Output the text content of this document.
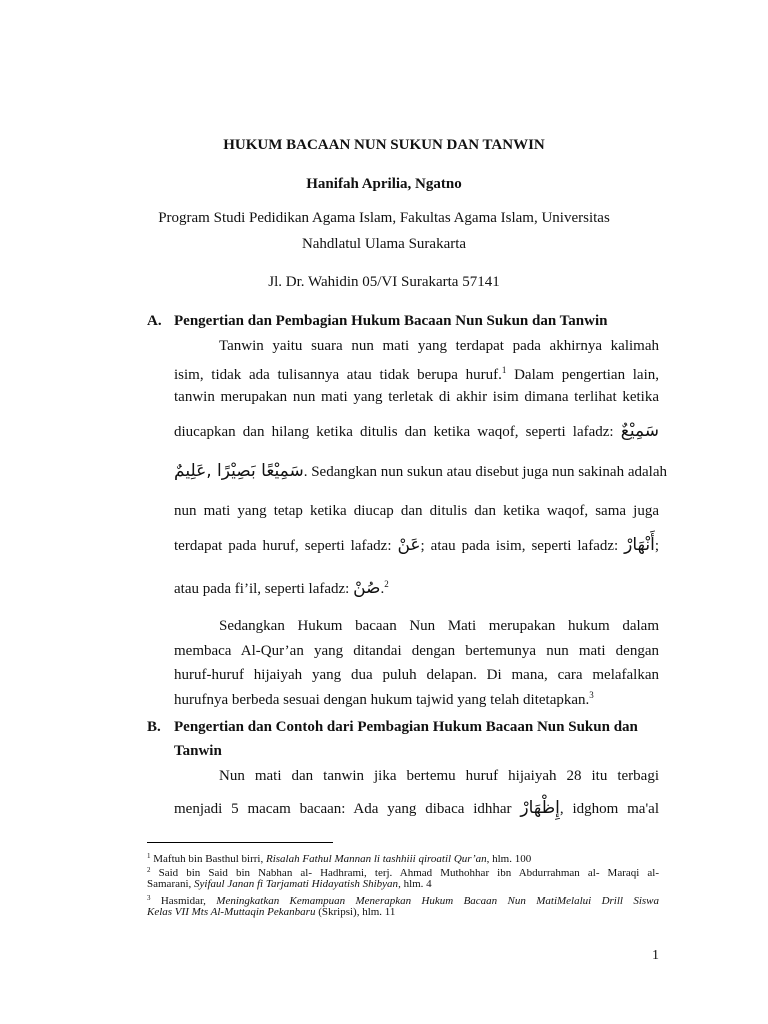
HUKUM BACAAN NUN SUKUN DAN TANWIN
Hanifah Aprilia, Ngatno
Program Studi Pedidikan Agama Islam, Fakultas Agama Islam, Universitas
Nahdlatul Ulama Surakarta
Jl. Dr. Wahidin 05/VI Surakarta 57141
A. Pengertian dan Pembagian Hukum Bacaan Nun Sukun dan Tanwin
Tanwin yaitu suara nun mati yang terdapat pada akhirnya kalimah
isim, tidak ada tulisannya atau tidak berupa huruf.$^1$ Dalam pengertian lain,
tanwin merupakan nun mati yang terletak di akhir isim dimana terlihat ketika
diucapkan dan hilang ketika ditulis dan ketika waqof, seperti lafadz: سَمِيْعٌ
سَمِيْعًا بَصِيْرًا ,عَلِيمٌ. Sedangkan nun sukun atau disebut juga nun sakinah adalah
nun mati yang tetap ketika diucap dan ditulis dan ketika waqof, sama juga
terdapat pada huruf, seperti lafadz: عَنْ; atau pada isim, seperti lafadz: أَنْهَارْ;
atau pada fi’il, seperti lafadz: صُنْ.$^2$
Sedangkan Hukum bacaan Nun Mati merupakan hukum dalam
membaca Al-Qur’an yang ditandai dengan bertemunya nun mati dengan
huruf-huruf hijaiyah yang dua puluh delapan. Di mana, cara melafalkan
hurufnya berbeda sesuai dengan hukum tajwid yang telah ditetapkan.$^3$
B. Pengertian dan Contoh dari Pembagian Hukum Bacaan Nun Sukun dan
Tanwin
Nun mati dan tanwin jika bertemu huruf hijaiyah 28 itu terbagi
menjadi 5 macam bacaan: Ada yang dibaca idhhar إِظْهَارْ, idghom ma'al
$^1$ Maftuh bin Basthul birri, Risalah Fathul Mannan li tashhiii qiroatil Qur’an, hlm. 100
$^2$ Said bin Said bin Nabhan al- Hadhrami, terj. Ahmad Muthohhar ibn Abdurrahman al- Maraqi al-
Samarani, Syifaul Janan fi Tarjamati Hidayatish Shibyan, hlm. 4
$^3$ Hasmidar, Meningkatkan Kemampuan Menerapkan Hukum Bacaan Nun MatiMelalui Drill Siswa
Kelas VII Mts Al-Muttaqin Pekanbaru (Skripsi), hlm. 11
1
